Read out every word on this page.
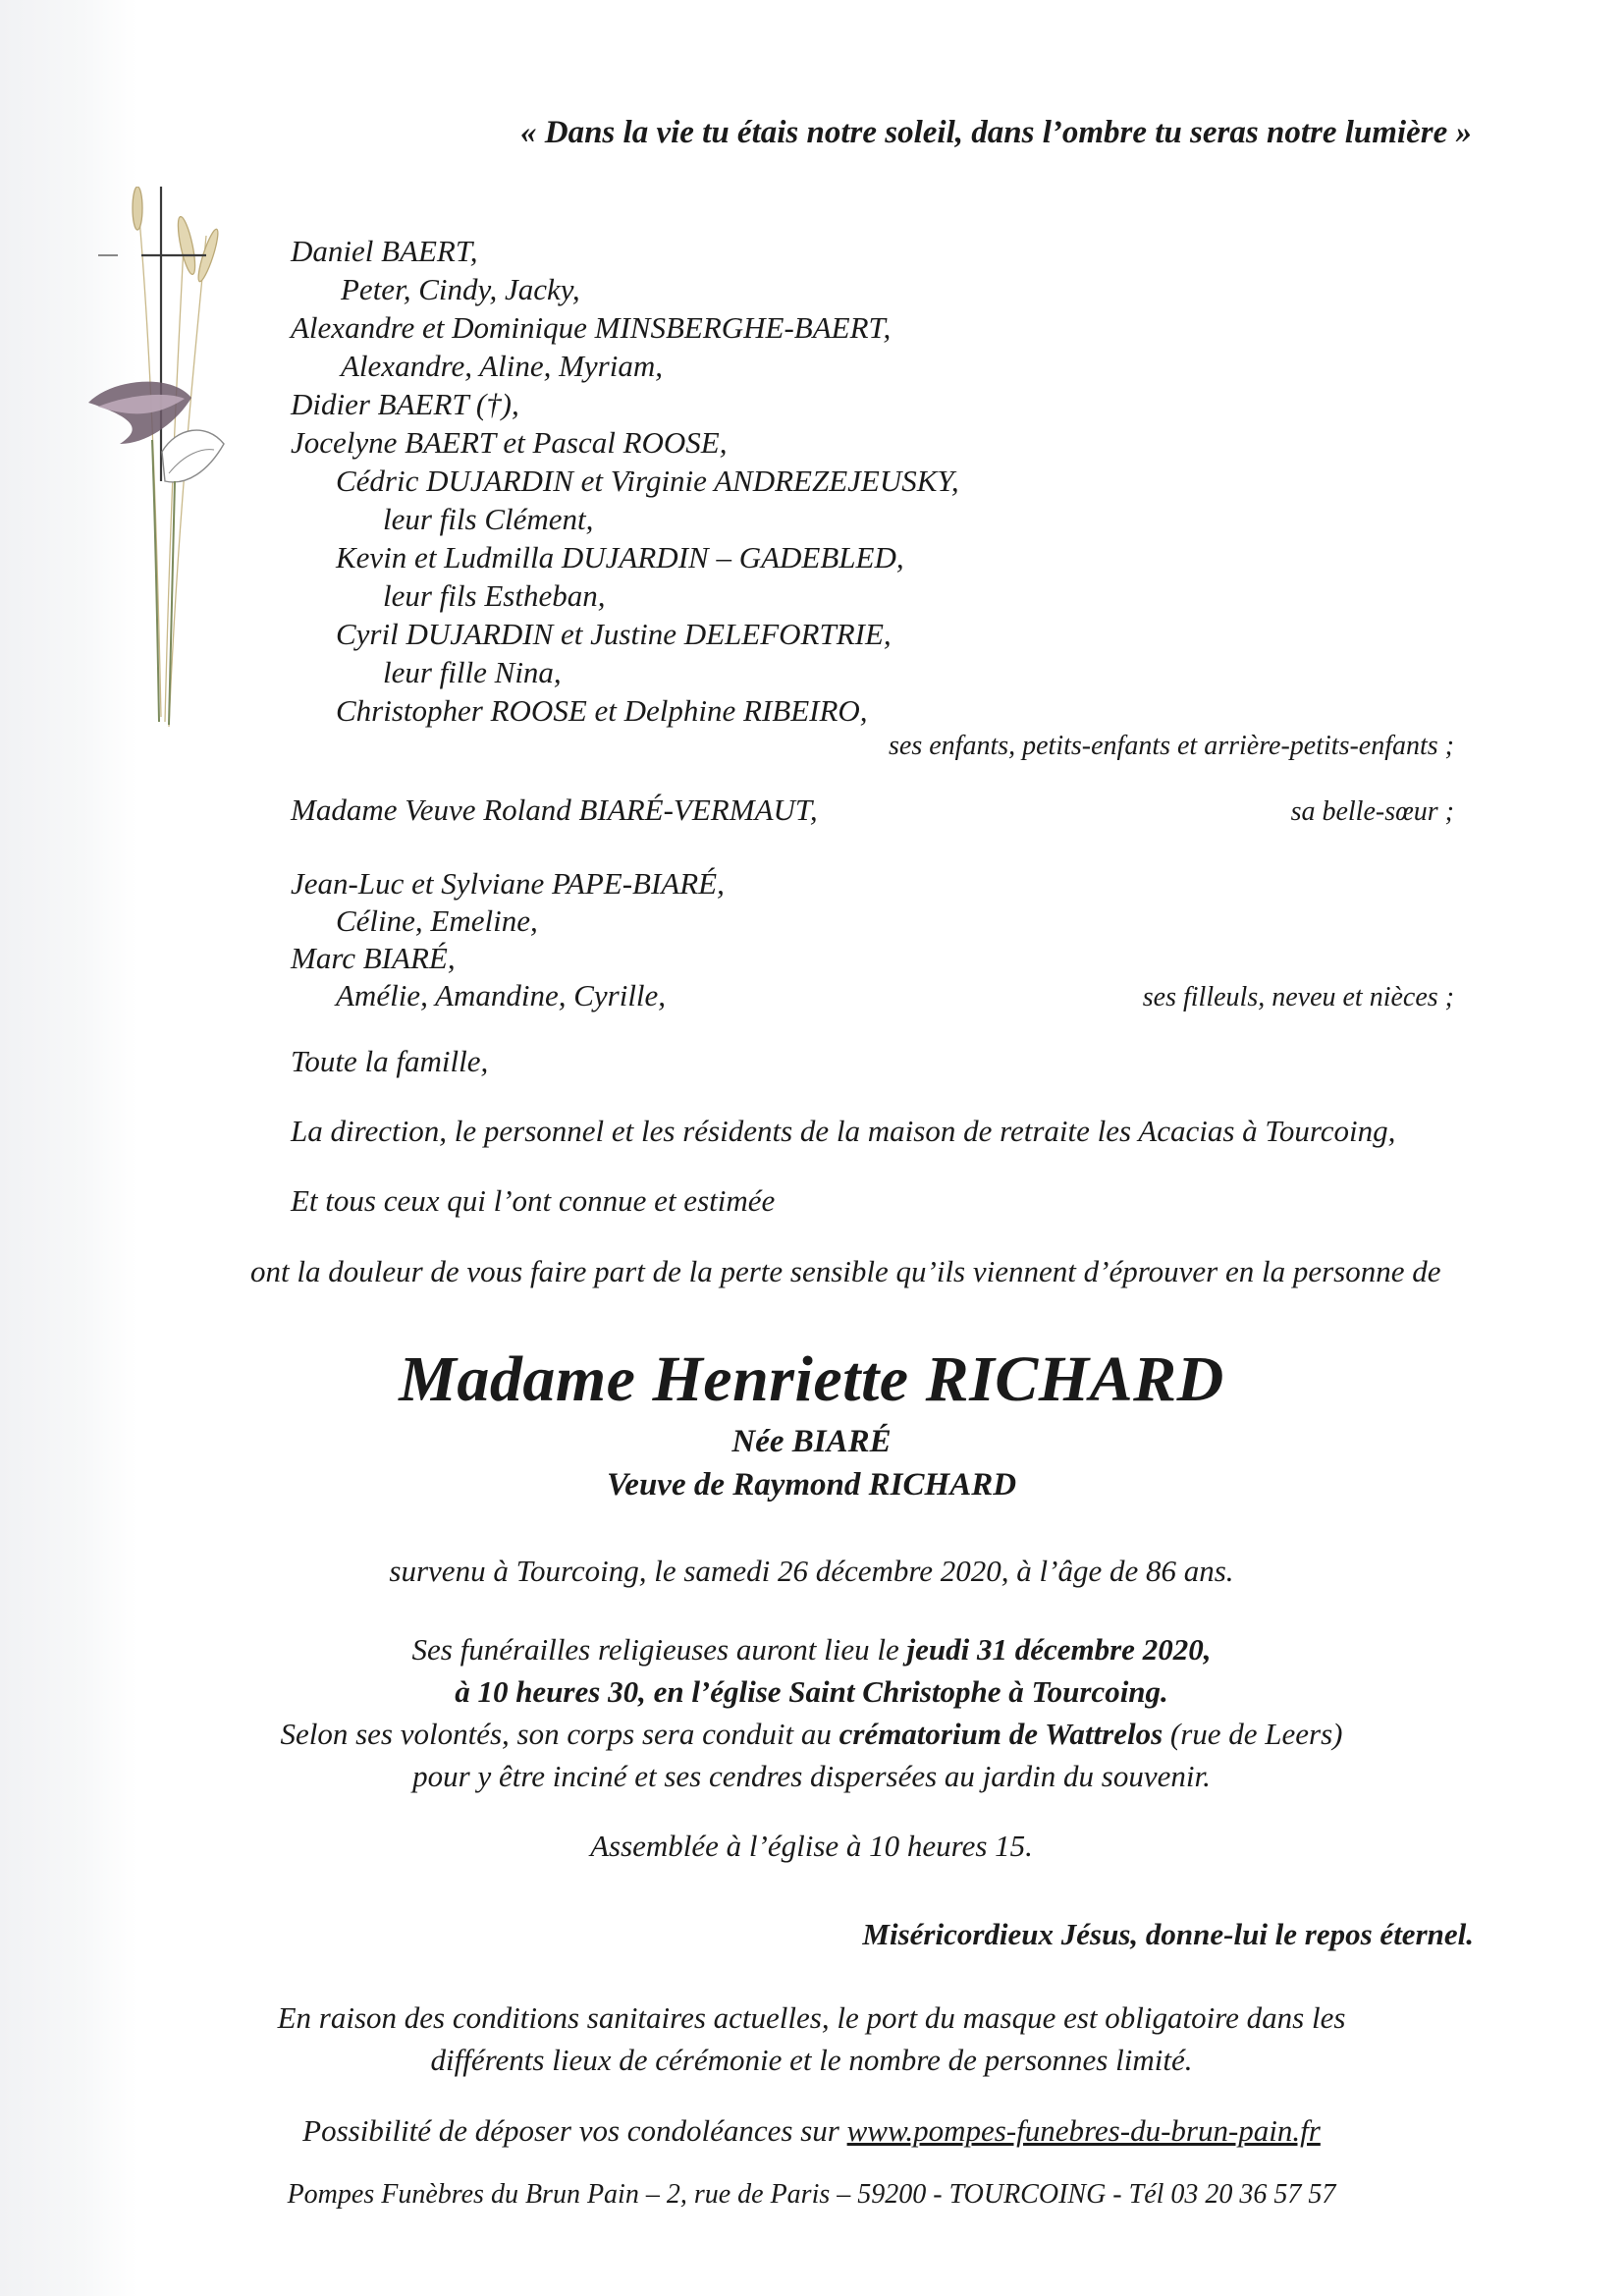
« Dans la vie tu étais notre soleil, dans l’ombre tu seras notre lumière »
Daniel BAERT,
Peter, Cindy, Jacky,
Alexandre et Dominique MINSBERGHE-BAERT,
Alexandre, Aline, Myriam,
Didier BAERT (†),
Jocelyne BAERT et Pascal ROOSE,
Cédric DUJARDIN et Virginie ANDREZEJEUSKY,
leur fils Clément,
Kevin et Ludmilla DUJARDIN – GADEBLED,
leur fils Estheban,
Cyril DUJARDIN et Justine DELEFORTRIE,
leur fille Nina,
Christopher ROOSE et Delphine RIBEIRO,
ses enfants, petits-enfants et arrière-petits-enfants ;
Madame Veuve Roland BIARÉ-VERMAUT,	sa belle-sœur ;
Jean-Luc et Sylviane PAPE-BIARÉ,
Céline, Emeline,
Marc BIARÉ,
Amélie, Amandine, Cyrille,	ses filleuls, neveu et nièces ;
Toute la famille,
La direction, le personnel et les résidents de la maison de retraite les Acacias à Tourcoing,
Et tous ceux qui l’ont connue et estimée
ont la douleur de vous faire part de la perte sensible qu’ils viennent d’éprouver en la personne de
Madame Henriette RICHARD
Née BIARÉ
Veuve de Raymond RICHARD
survenu à Tourcoing, le samedi 26 décembre 2020, à l’âge de 86 ans.
Ses funérailles religieuses auront lieu le jeudi 31 décembre 2020,
à 10 heures 30, en l’église Saint Christophe à Tourcoing.
Selon ses volontés, son corps sera conduit au crématorium de Wattrelos (rue de Leers)
pour y être inciné et ses cendres dispersées au jardin du souvenir.
Assemblée à l’église à 10 heures 15.
Miséricordieux Jésus, donne-lui le repos éternel.
En raison des conditions sanitaires actuelles, le port du masque est obligatoire dans les
différents lieux de cérémonie et le nombre de personnes limité.
Possibilité de déposer vos condoléances sur www.pompes-funebres-du-brun-pain.fr
Pompes Funèbres du Brun Pain – 2, rue de Paris – 59200 - TOURCOING - Tél 03 20 36 57 57
